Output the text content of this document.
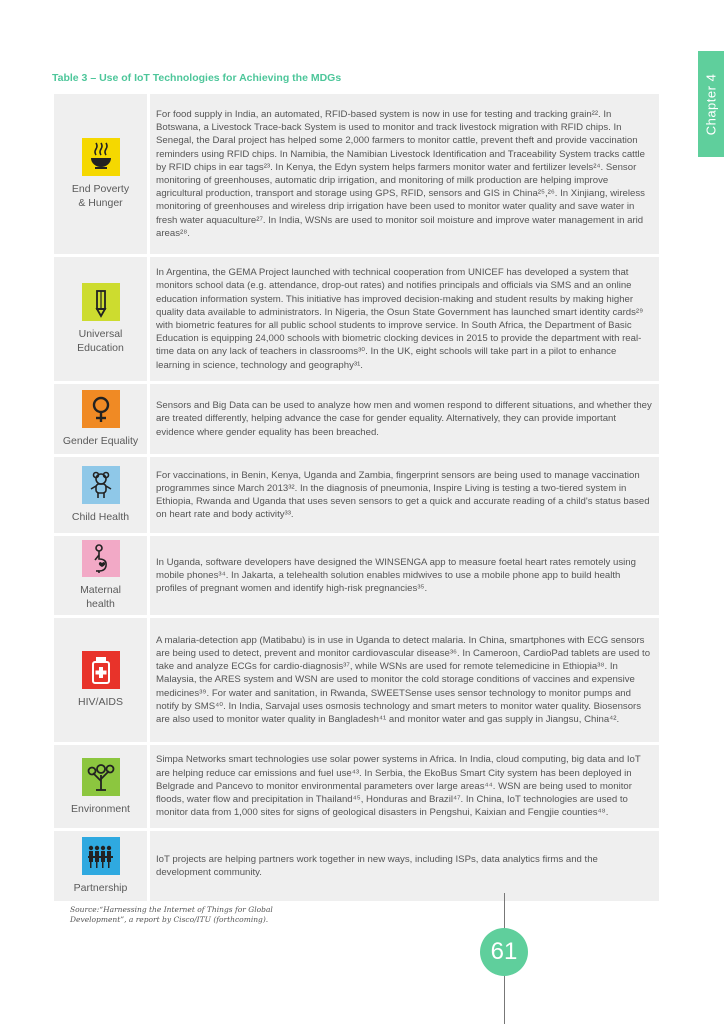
Chapter 4
Table 3 – Use of IoT Technologies for Achieving the MDGs
End Poverty
& Hunger

For food supply in India, an automated, RFID-based system is now in use for testing and tracking grain²². In Botswana, a Livestock Trace-back System is used to monitor and track livestock migration with RFID chips. In Senegal, the Daral project has helped some 2,000 farmers to monitor cattle, prevent theft and provide vaccination reminders using RFID chips. In Namibia, the Namibian Livestock Identification and Traceability System tracks cattle by RFID chips in ear tags²³. In Kenya, the Edyn system helps farmers monitor water and fertilizer levels²⁴. Sensor monitoring of greenhouses, automatic drip irrigation, and monitoring of milk production are helping improve agricultural production, transport and storage using GPS, RFID, sensors and GIS in China²⁵,²⁶. In Xinjiang, wireless monitoring of greenhouses and wireless drip irrigation have been used to monitor water quality and save water in fresh water aquaculture²⁷. In India, WSNs are used to monitor soil moisture and improve water management in arid areas²⁸.

Universal
Education

In Argentina, the GEMA Project launched with technical cooperation from UNICEF has developed a system that monitors school data (e.g. attendance, drop-out rates) and notifies principals and officials via SMS and an online education information system. This initiative has improved decision-making and student results by making higher quality data available to administrators. In Nigeria, the Osun State Government has launched smart identity cards²⁹ with biometric features for all public school students to improve service. In South Africa, the Department of Basic Education is equipping 24,000 schools with biometric clocking devices in 2015 to provide the department with real-time data on any lack of teachers in classrooms³⁰. In the UK, eight schools will take part in a pilot to enhance learning in science, technology and geography³¹.

Gender Equality

Sensors and Big Data can be used to analyze how men and women respond to different situations, and whether they are treated differently, helping advance the case for gender equality. Alternatively, they can provide important evidence where gender equality has been breached.

Child Health

For vaccinations, in Benin, Kenya, Uganda and Zambia, fingerprint sensors are being used to manage vaccination programmes since March 2013³². In the diagnosis of pneumonia, Inspire Living is testing a two-tiered system in Ethiopia, Rwanda and Uganda that uses seven sensors to get a quick and accurate reading of a child's status based on heart rate and body activity³³.

Maternal
health

In Uganda, software developers have designed the WINSENGA app to measure foetal heart rates remotely using mobile phones³⁴. In Jakarta, a telehealth solution enables midwives to use a mobile phone app to build health profiles of pregnant women and identify high-risk pregnancies³⁵.

HIV/AIDS

A malaria-detection app (Matibabu) is in use in Uganda to detect malaria. In China, smartphones with ECG sensors are being used to detect, prevent and monitor cardiovascular disease³⁶. In Cameroon, CardioPad tablets are used to take and analyze ECGs for cardio-diagnosis³⁷, while WSNs are used for remote telemedicine in Ethiopia³⁸. In Malaysia, the ARES system and WSN are used to monitor the cold storage conditions of vaccines and expensive medicines³⁹. For water and sanitation, in Rwanda, SWEETSense uses sensor technology to monitor pumps and notify by SMS⁴⁰. In India, Sarvajal uses osmosis technology and smart meters to monitor water quality. Biosensors are also used to monitor water quality in Bangladesh⁴¹ and monitor water and gas supply in Jiangsu, China⁴².

Environment

Simpa Networks smart technologies use solar power systems in Africa. In India, cloud computing, big data and IoT are helping reduce car emissions and fuel use⁴³. In Serbia, the EkoBus Smart City system has been deployed in Belgrade and Pancevo to monitor environmental parameters over large areas⁴⁴. WSN are being used to monitor floods, water flow and precipitation in Thailand⁴⁵, Honduras and Brazil⁴⁷. In China, IoT technologies are used to monitor data from 1,000 sites for signs of geological disasters in Pengshui, Kaixian and Fengjie counties⁴⁸.

Partnership

IoT projects are helping partners work together in new ways, including ISPs, data analytics firms and the development community.

Source:“Harnessing the Internet of Things for Global Development”, a report by Cisco/ITU (forthcoming).
61
